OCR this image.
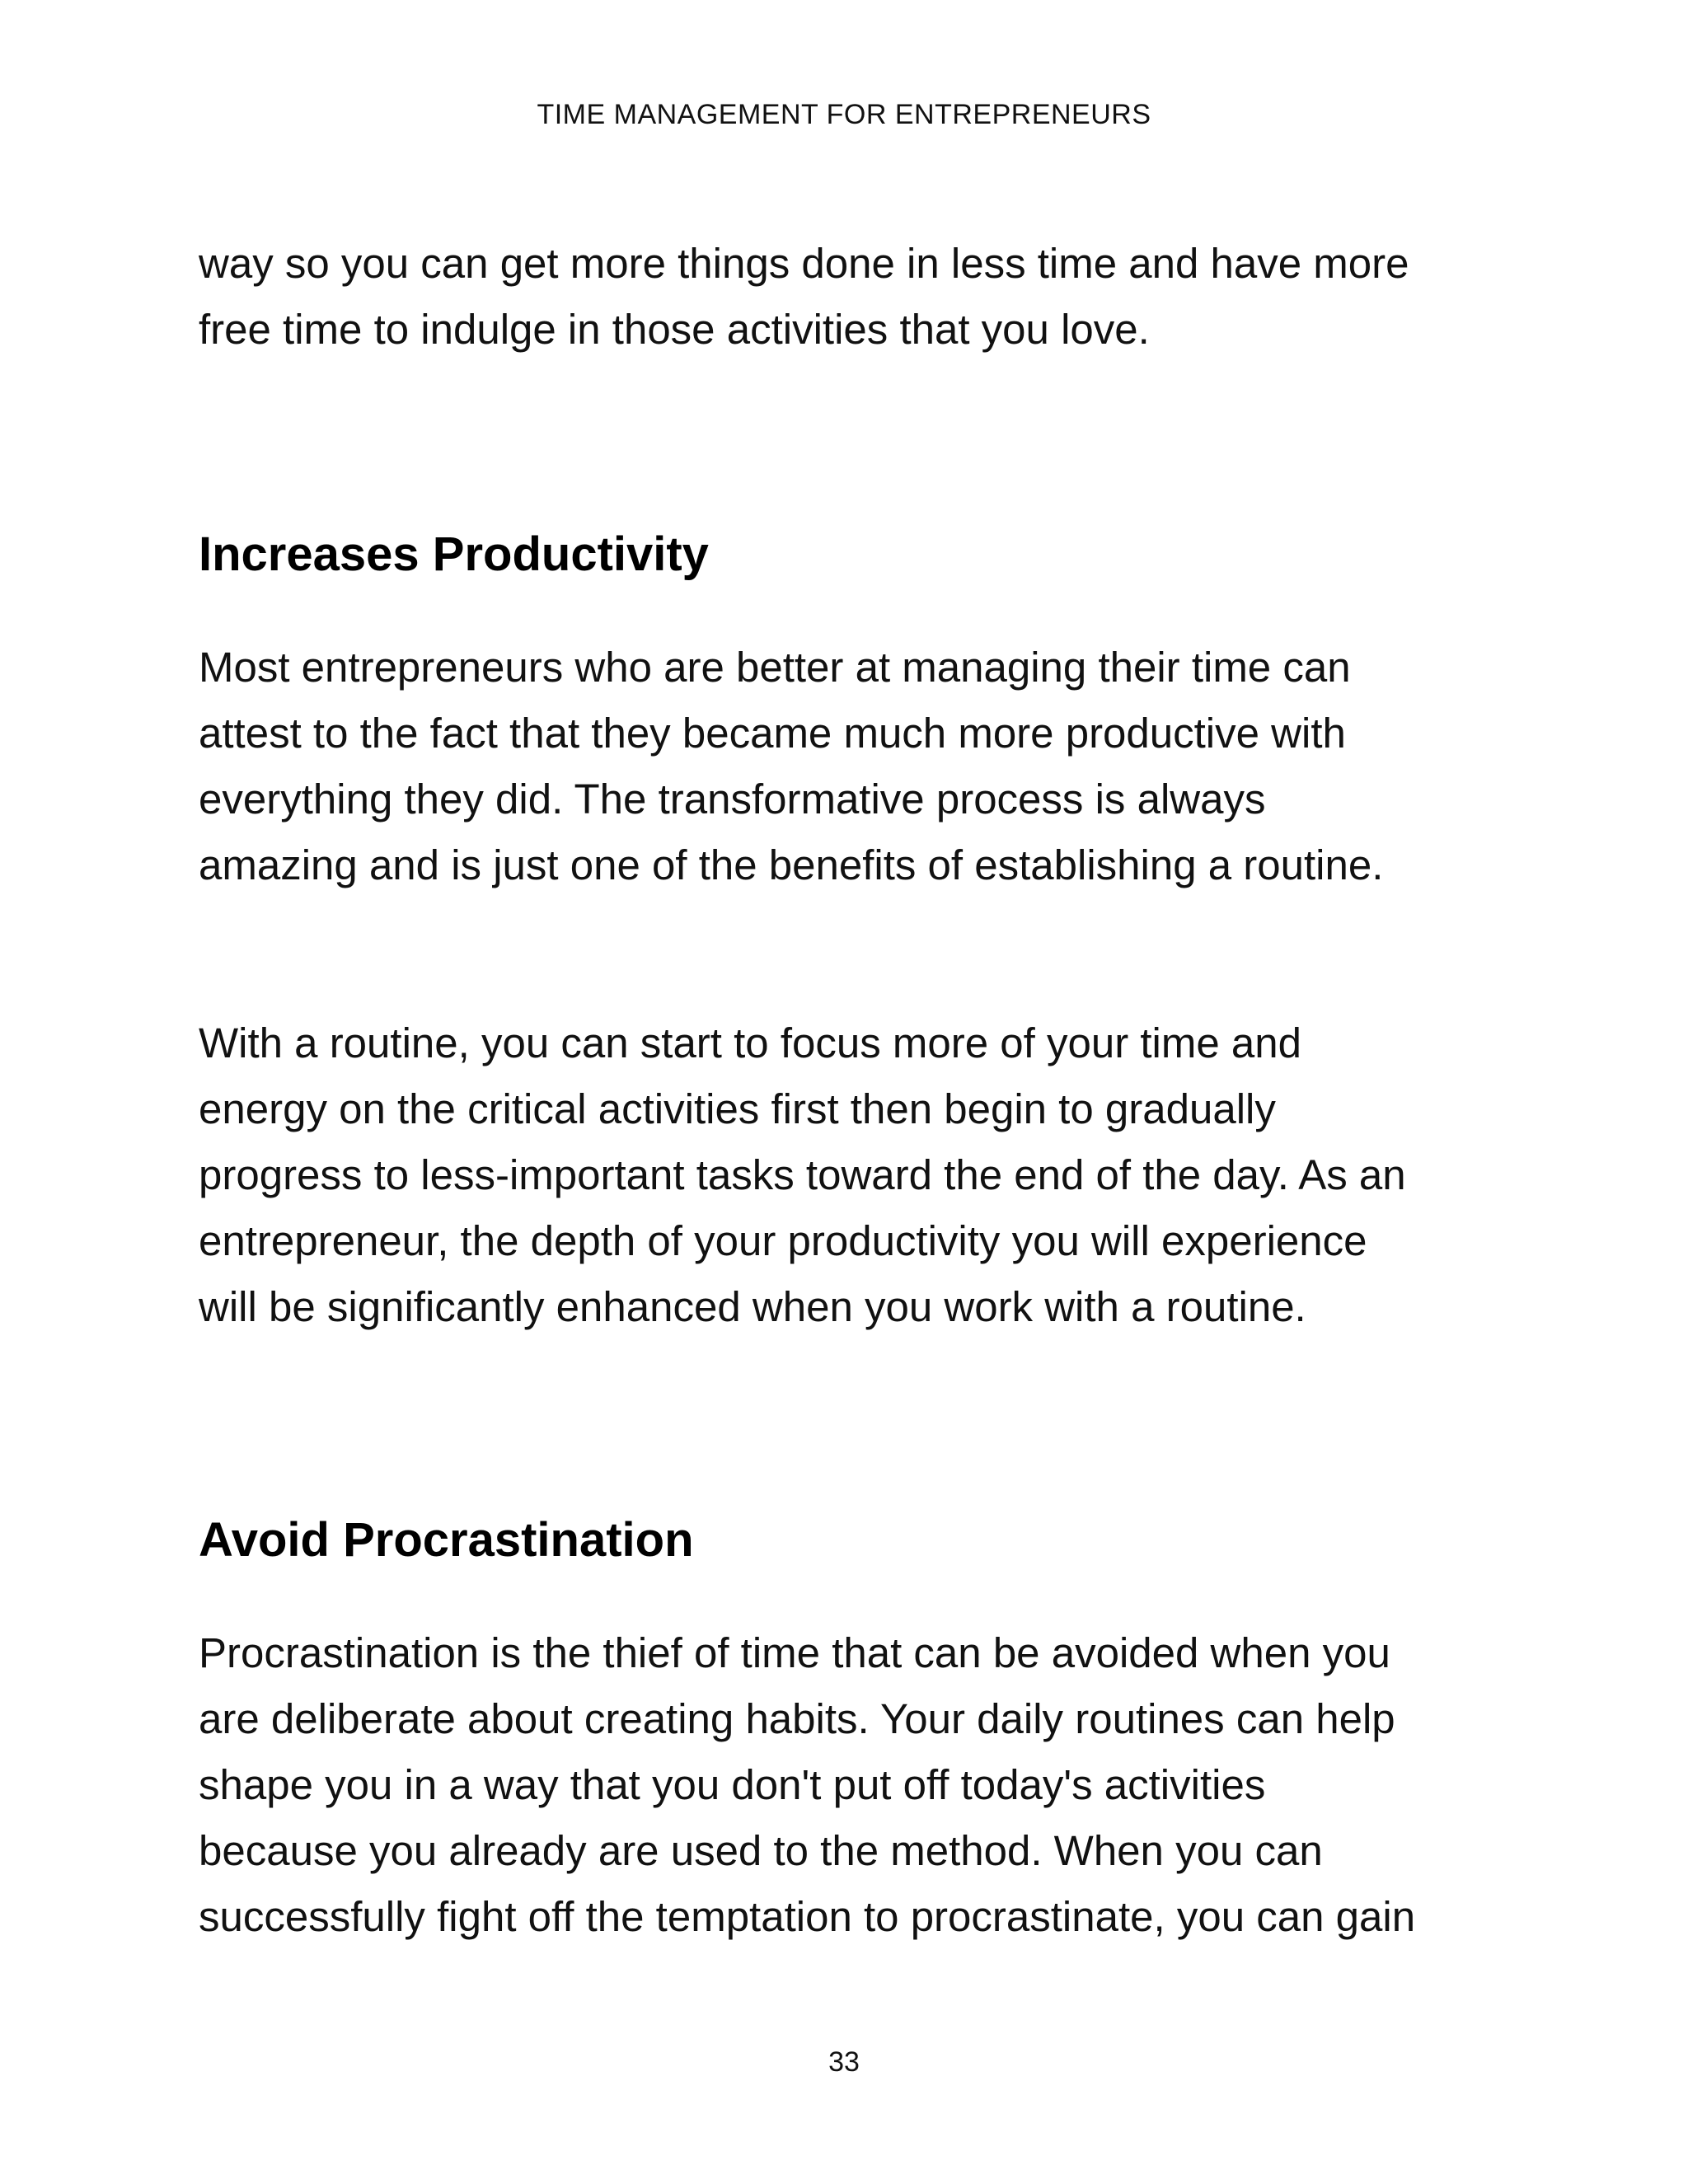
TIME MANAGEMENT FOR ENTREPRENEURS

way so you can get more things done in less time and have more
free time to indulge in those activities that you love.

Increases Productivity

Most entrepreneurs who are better at managing their time can
attest to the fact that they became much more productive with
everything they did. The transformative process is always
amazing and is just one of the benefits of establishing a routine.

With a routine, you can start to focus more of your time and
energy on the critical activities first then begin to gradually
progress to less-important tasks toward the end of the day. As an
entrepreneur, the depth of your productivity you will experience
will be significantly enhanced when you work with a routine.

Avoid Procrastination

Procrastination is the thief of time that can be avoided when you
are deliberate about creating habits. Your daily routines can help
shape you in a way that you don't put off today's activities
because you already are used to the method. When you can
successfully fight off the temptation to procrastinate, you can gain

33
